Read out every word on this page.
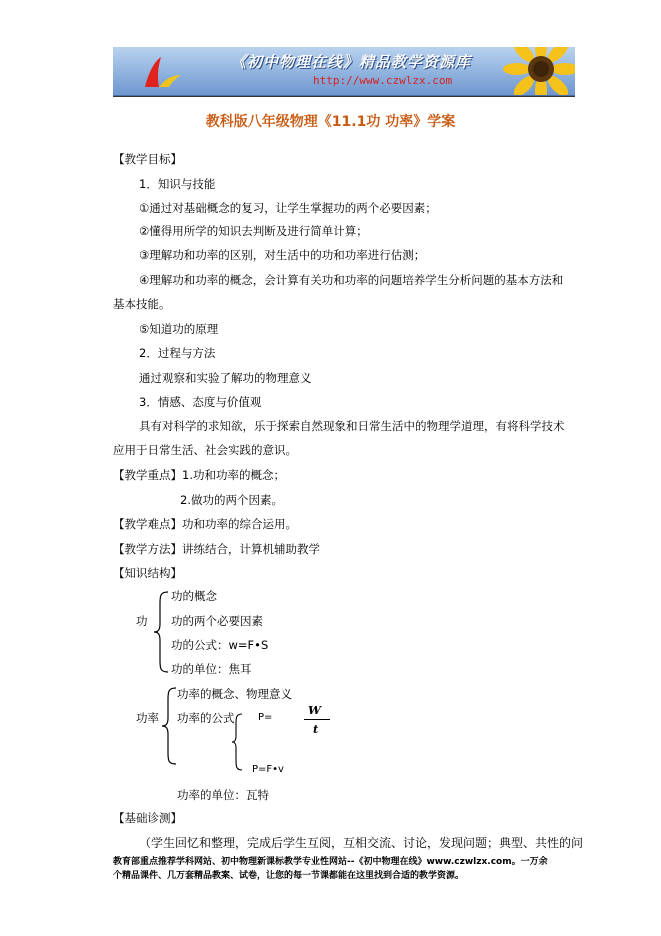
《初中物理在线》精品教学资源库
http://www.czwlzx.com
教科版八年级物理《11.1功 功率》学案
【教学目标】
1．知识与技能
①通过对基础概念的复习，让学生掌握功的两个必要因素；
②懂得用所学的知识去判断及进行简单计算；
③理解功和功率的区别，对生活中的功和功率进行估测；
④理解功和功率的概念，会计算有关功和功率的问题培养学生分析问题的基本方法和
基本技能。
⑤知道功的原理
2．过程与方法
通过观察和实验了解功的物理意义
3．情感、态度与价值观
具有对科学的求知欲，乐于探索自然现象和日常生活中的物理学道理，有将科学技术
应用于日常生活、社会实践的意识。
【教学重点】1.功和功率的概念；
2.做功的两个因素。
【教学难点】功和功率的综合运用。
【教学方法】讲练结合，计算机辅助教学
【知识结构】
功
功的概念
功的两个必要因素
功的公式：w=F•S
功的单位：焦耳
功率
功率的概念、物理意义
功率的公式 P=
W
t
P=F•v
功率的单位：瓦特
【基础诊测】
（学生回忆和整理，完成后学生互阅，互相交流、讨论，发现问题；典型、共性的问
教育部重点推荐学科网站、初中物理新课标教学专业性网站--《初中物理在线》www.czwlzx.com。一万余
个精品课件、几万套精品教案、试卷，让您的每一节课都能在这里找到合适的教学资源。
